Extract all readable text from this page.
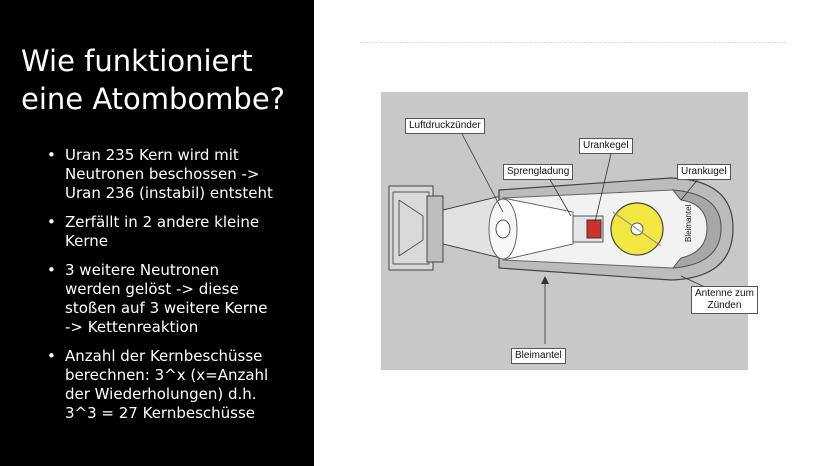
Wie funktioniert
eine Atombombe?
• Uran 235 Kern wird mit
Neutronen beschossen ->
Uran 236 (instabil) entsteht
• Zerfällt in 2 andere kleine
Kerne
• 3 weitere Neutronen
werden gelöst -> diese
stoßen auf 3 weitere Kerne
-> Kettenreaktion
• Anzahl der Kernbeschüsse
berechnen: 3^x (x=Anzahl
der Wiederholungen) d.h.
3^3 = 27 Kernbeschüsse
Bleimantel
Luftdruckzünder
Urankegel
Sprengladung	Urankugel
Antenne zum
Zünden
Bleimantel
